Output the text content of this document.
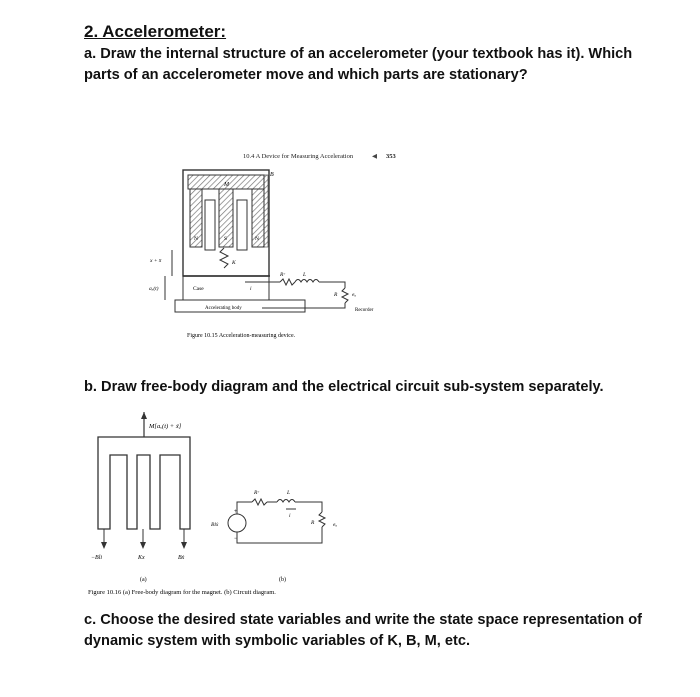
2. Accelerometer:
a. Draw the internal structure of an accelerometer (your textbook has it). Which parts of an accelerometer move and which parts are stationary?
10.4 A Device for Measuring Acceleration	◀ 353
B
M
N	S	N
K
x + x̄
aₓ(t)	Case	i
Rᶜ	L
R	eₒ
Recorder
Accelerating body
Figure 10.15 Acceleration-measuring device.
b. Draw free-body diagram and the electrical circuit sub-system separately.
M[aₓ(t) + ẍ]
−Bli	Kx	Bẋ
(a)
+
−
Blẋ
Rᶜ	L
i
R	eₒ
(b)
Figure 10.16 (a) Free-body diagram for the magnet. (b) Circuit diagram.
c. Choose the desired state variables and write the state space representation of dynamic system with symbolic variables of K, B, M, etc.
